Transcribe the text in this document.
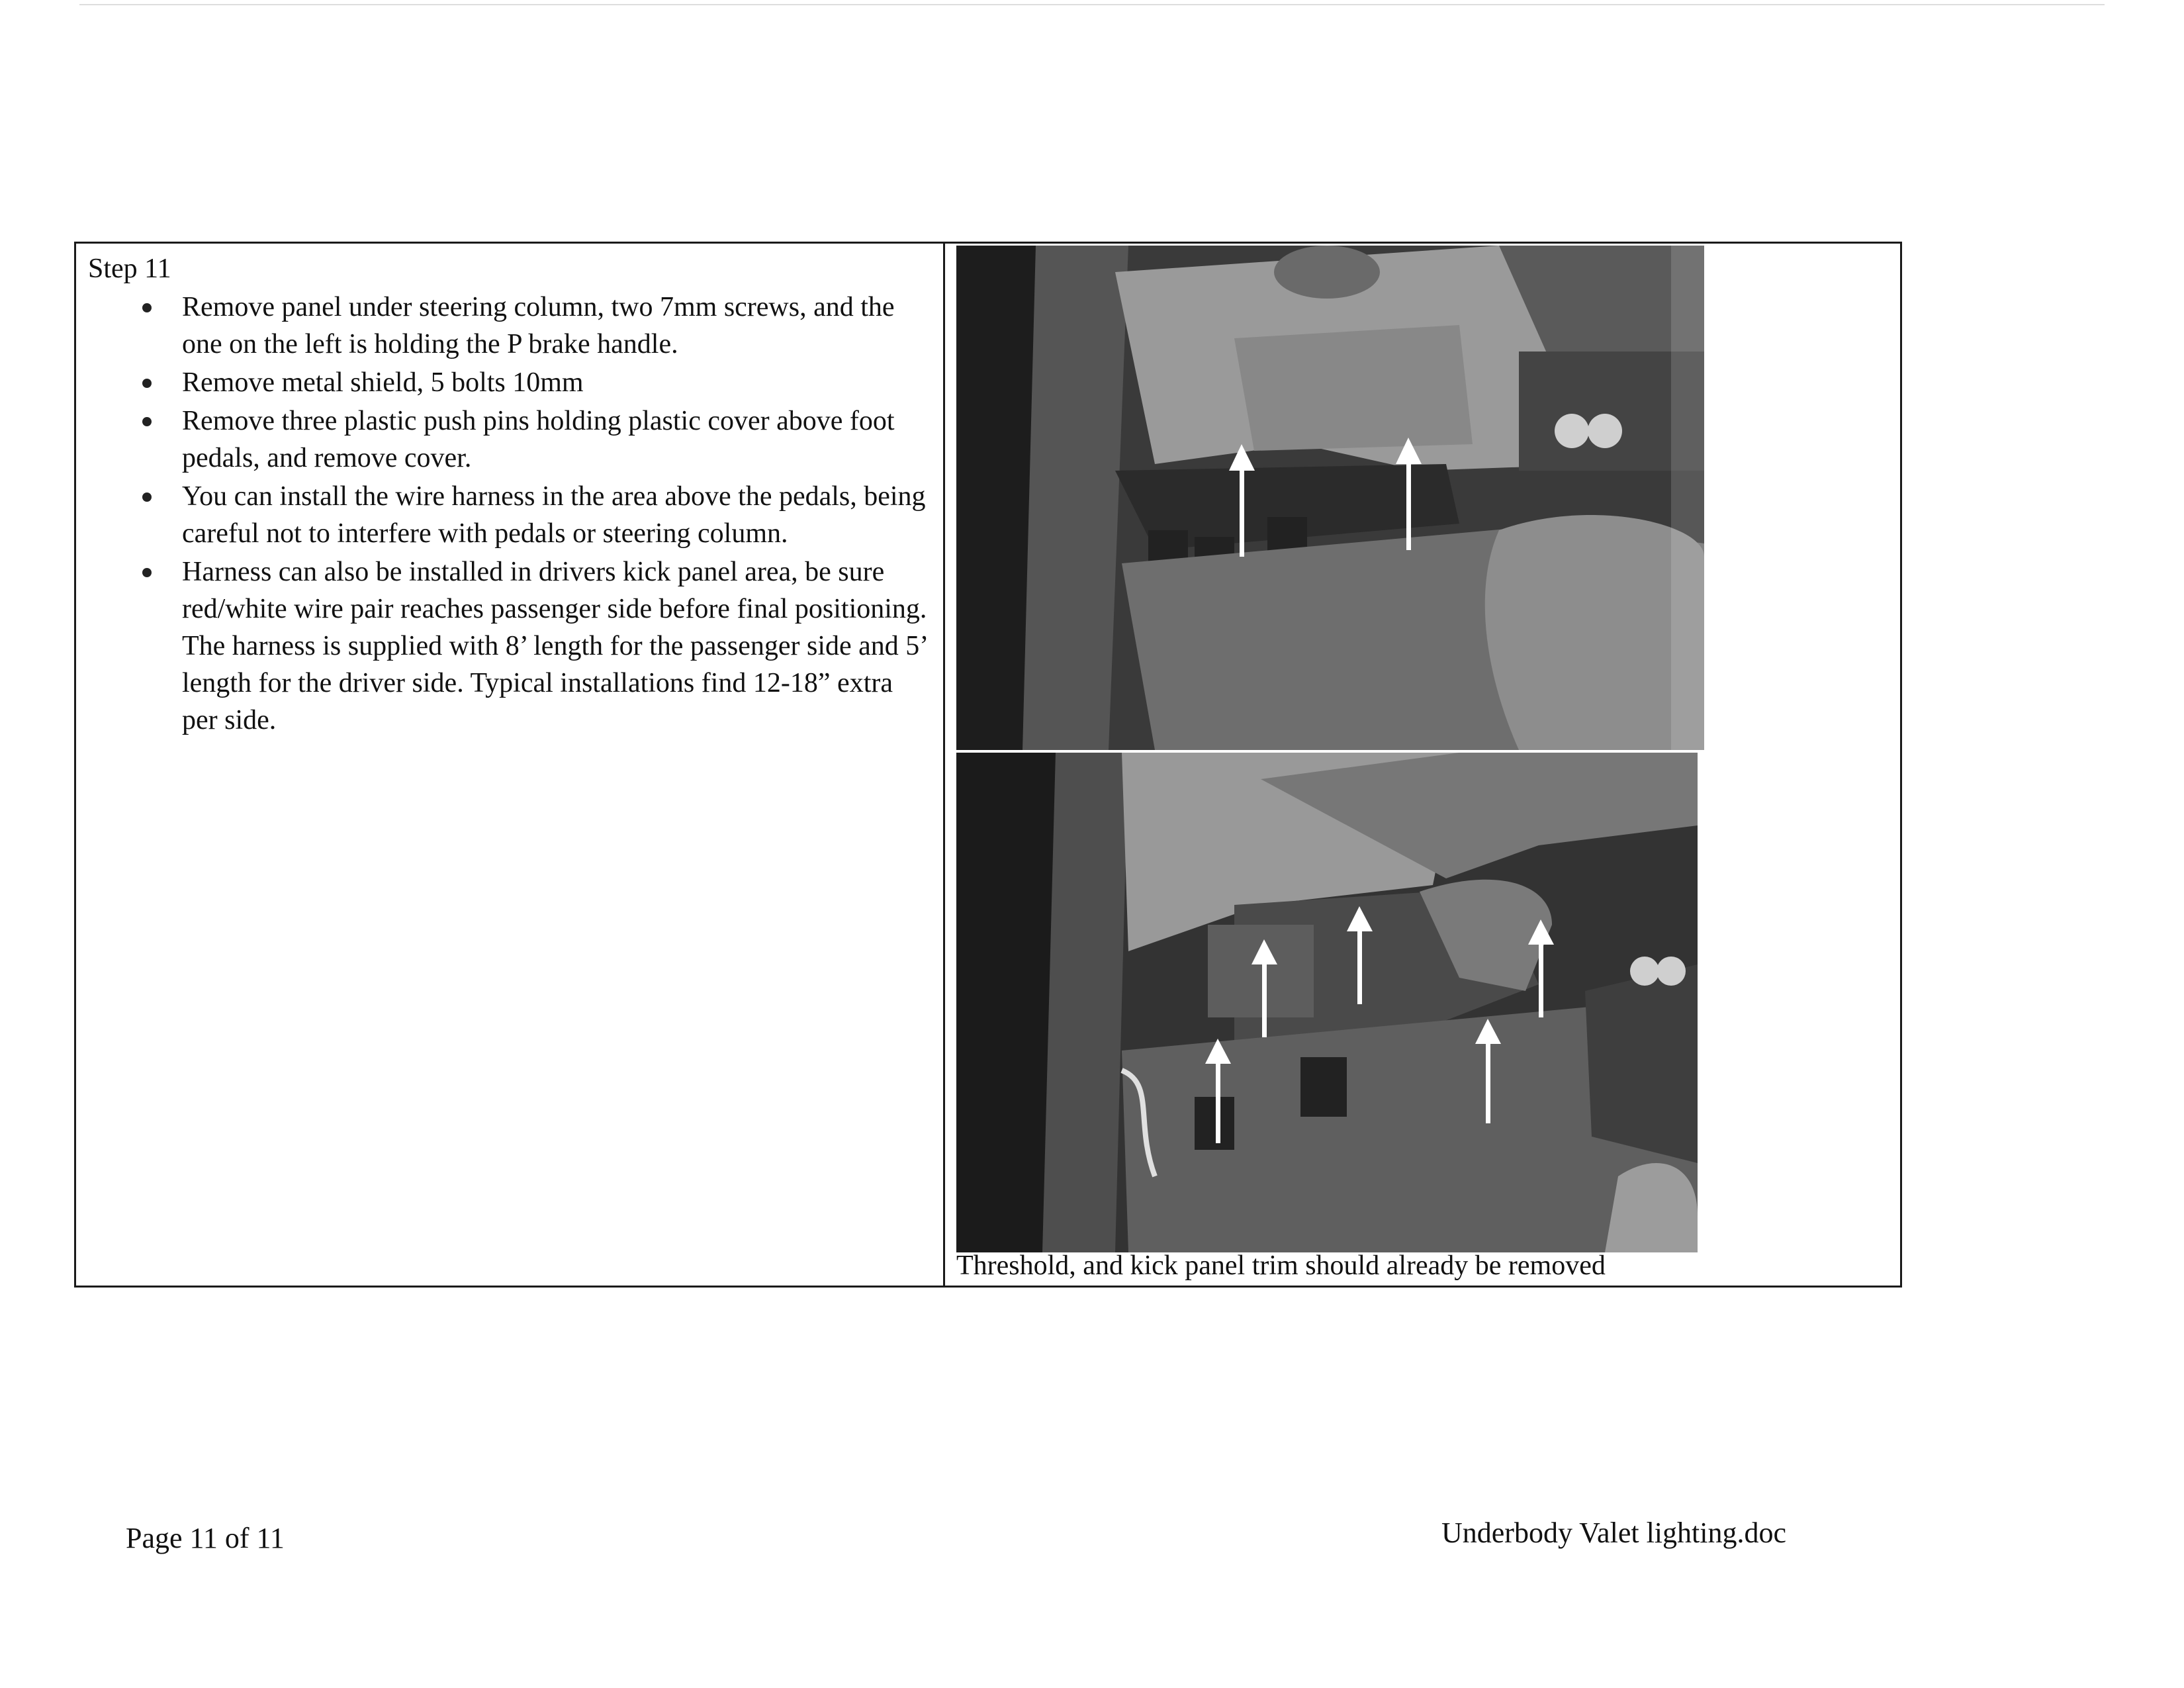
Step 11
Remove panel under steering column, two 7mm screws, and the one on the left is holding the P brake handle.
Remove metal shield, 5 bolts 10mm
Remove three plastic push pins holding plastic cover above foot pedals, and remove cover.
You can install the wire harness in the area above the pedals, being careful not to interfere with pedals or steering column.
Harness can also be installed in drivers kick panel area, be sure red/white wire pair reaches passenger side before final positioning. The harness is supplied with 8’ length for the passenger side and 5’ length for the driver side. Typical installations find 12-18” extra per side.
Threshold, and kick panel trim should already be removed
Page 11 of 11	Underbody Valet lighting.doc
